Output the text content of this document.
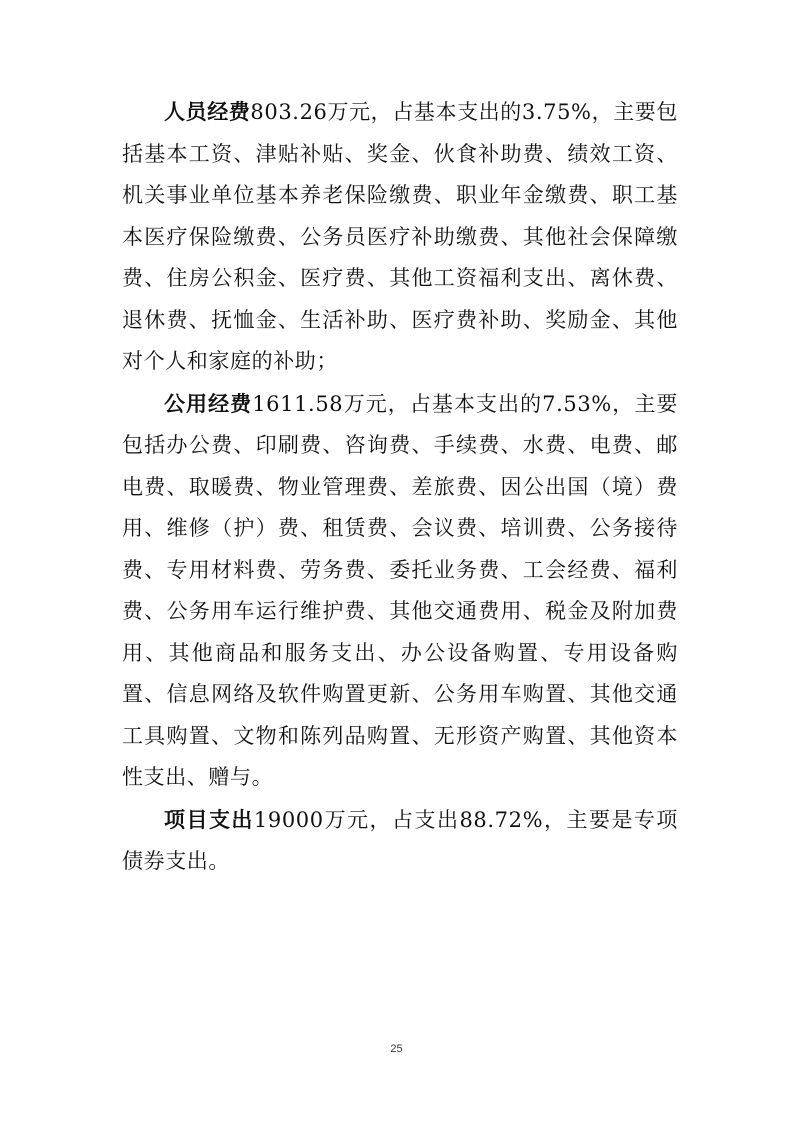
人员经费803.26万元，占基本支出的3.75%，主要包括基本工资、津贴补贴、奖金、伙食补助费、绩效工资、机关事业单位基本养老保险缴费、职业年金缴费、职工基本医疗保险缴费、公务员医疗补助缴费、其他社会保障缴费、住房公积金、医疗费、其他工资福利支出、离休费、退休费、抚恤金、生活补助、医疗费补助、奖励金、其他对个人和家庭的补助；

公用经费1611.58万元，占基本支出的7.53%，主要包括办公费、印刷费、咨询费、手续费、水费、电费、邮电费、取暖费、物业管理费、差旅费、因公出国（境）费用、维修（护）费、租赁费、会议费、培训费、公务接待费、专用材料费、劳务费、委托业务费、工会经费、福利费、公务用车运行维护费、其他交通费用、税金及附加费用、其他商品和服务支出、办公设备购置、专用设备购置、信息网络及软件购置更新、公务用车购置、其他交通工具购置、文物和陈列品购置、无形资产购置、其他资本性支出、赠与。

项目支出19000万元，占支出88.72%，主要是专项债券支出。

25
